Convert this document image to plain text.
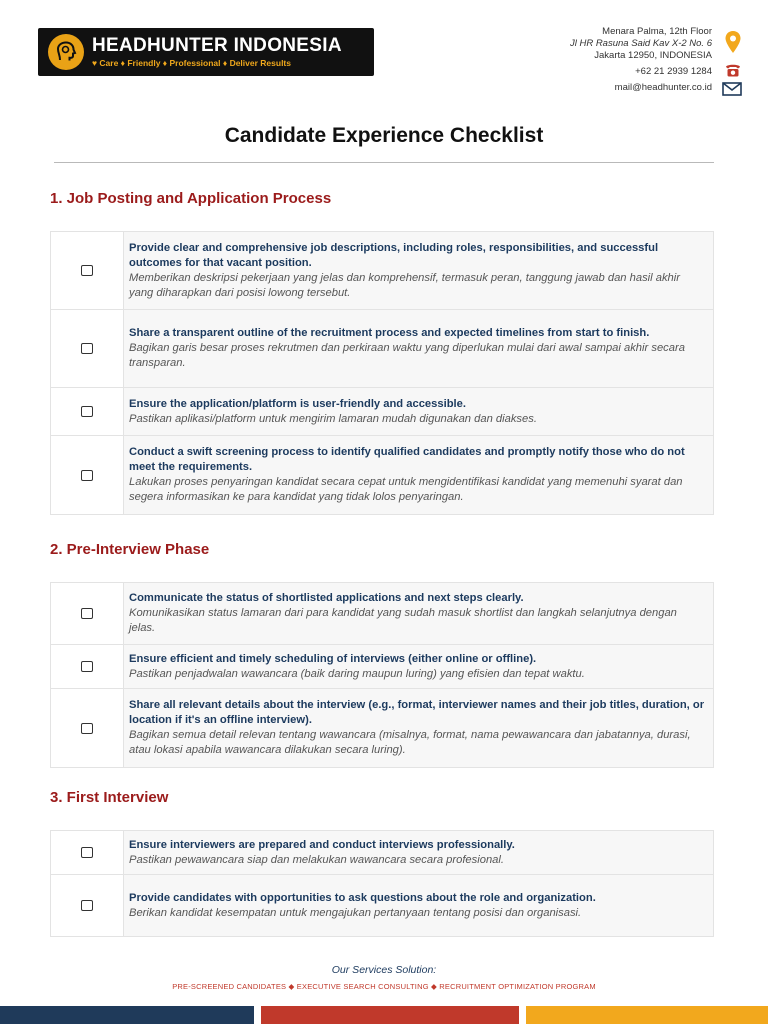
HEADHUNTER INDONESIA
♥ Care ♦ Friendly ♦ Professional ♦ Deliver Results
Menara Palma, 12th Floor
Jl HR Rasuna Said Kav X-2 No. 6
Jakarta 12950, INDONESIA
+62 21 2939 1284
mail@headhunter.co.id
Candidate Experience Checklist
1. Job Posting and Application Process
Provide clear and comprehensive job descriptions, including roles, responsibilities, and successful outcomes for that vacant position.
Memberikan deskripsi pekerjaan yang jelas dan komprehensif, termasuk peran, tanggung jawab dan hasil akhir yang diharapkan dari posisi lowong tersebut.
Share a transparent outline of the recruitment process and expected timelines from start to finish.
Bagikan garis besar proses rekrutmen dan perkiraan waktu yang diperlukan mulai dari awal sampai akhir secara transparan.
Ensure the application/platform is user-friendly and accessible.
Pastikan aplikasi/platform untuk mengirim lamaran mudah digunakan dan diakses.
Conduct a swift screening process to identify qualified candidates and promptly notify those who do not meet the requirements.
Lakukan proses penyaringan kandidat secara cepat untuk mengidentifikasi kandidat yang memenuhi syarat dan segera informasikan ke para kandidat yang tidak lolos penyaringan.
2. Pre-Interview Phase
Communicate the status of shortlisted applications and next steps clearly.
Komunikasikan status lamaran dari para kandidat yang sudah masuk shortlist dan langkah selanjutnya dengan jelas.
Ensure efficient and timely scheduling of interviews (either online or offline).
Pastikan penjadwalan wawancara (baik daring maupun luring) yang efisien dan tepat waktu.
Share all relevant details about the interview (e.g., format, interviewer names and their job titles, duration, or location if it's an offline interview).
Bagikan semua detail relevan tentang wawancara (misalnya, format, nama pewawancara dan jabatannya, durasi, atau lokasi apabila wawancara dilakukan secara luring).
3. First Interview
Ensure interviewers are prepared and conduct interviews professionally.
Pastikan pewawancara siap dan melakukan wawancara secara profesional.
Provide candidates with opportunities to ask questions about the role and organization.
Berikan kandidat kesempatan untuk mengajukan pertanyaan tentang posisi dan organisasi.
Our Services Solution:
PRE-SCREENED CANDIDATES ◆ EXECUTIVE SEARCH CONSULTING ◆ RECRUITMENT OPTIMIZATION PROGRAM
